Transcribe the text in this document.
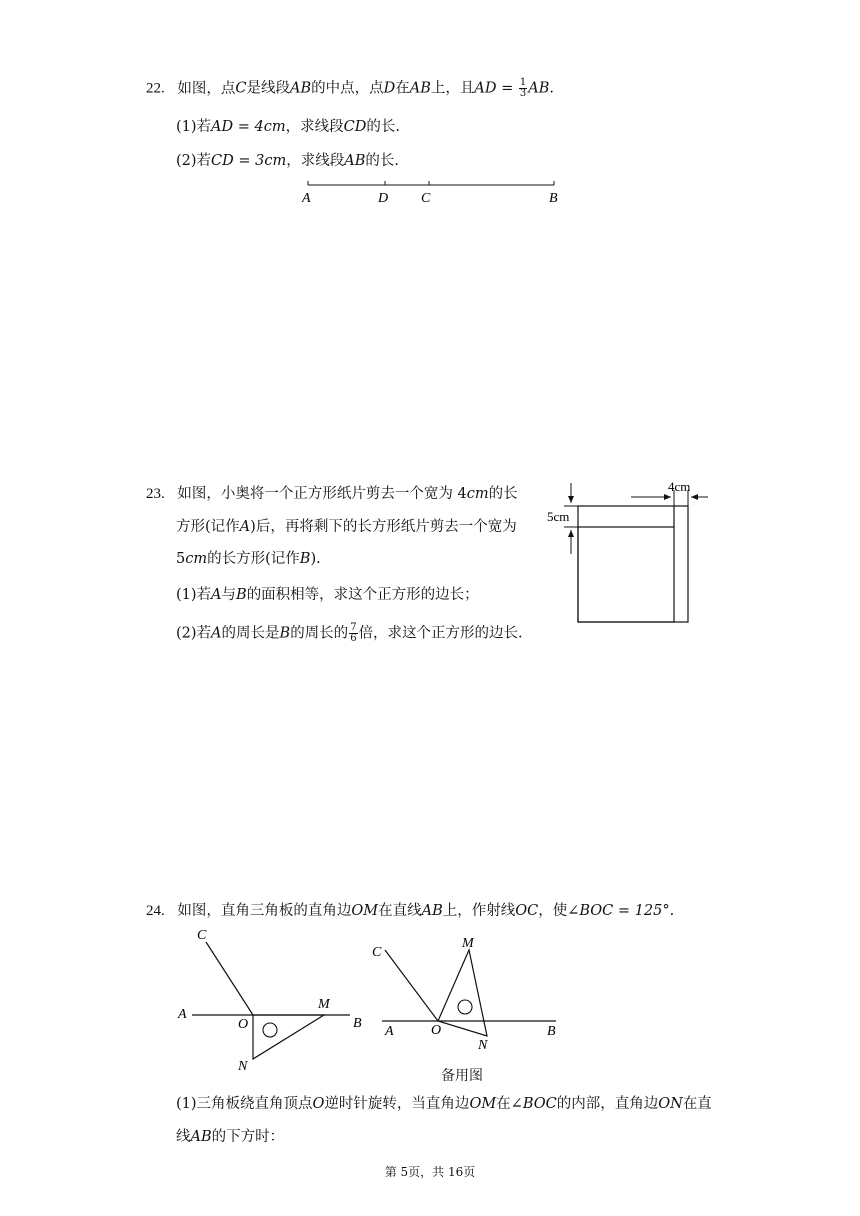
22. 如图，点C是线段AB的中点，点D在AB上，且AD = $\frac{1}{3}$ AB.
(1)若AD = 4cm，求线段CD的长.
(2)若CD = 3cm，求线段AB的长.
A	D C	B
23. 如图，小奥将一个正方形纸片剪去一个宽为 4cm的长
方形(记作A)后，再将剩下的长方形纸片剪去一个宽为
5cm的长方形(记作B).
(1)若A与B的面积相等，求这个正方形的边长；
(2)若A的周长是B的周长的 $\frac{7}{6}$ 倍，求这个正方形的边长.
4cm
5cm
24. 如图，直角三角板的直角边OM在直线AB上，作射线OC，使∠BOC = 125°.
C
A
O
M
B
N
C
M
A	O
N
B
备用图
(1)三角板绕直角顶点O逆时针旋转，当直角边OM在∠BOC的内部，直角边ON在直
线AB的下方时：
第 5页，共 16页
